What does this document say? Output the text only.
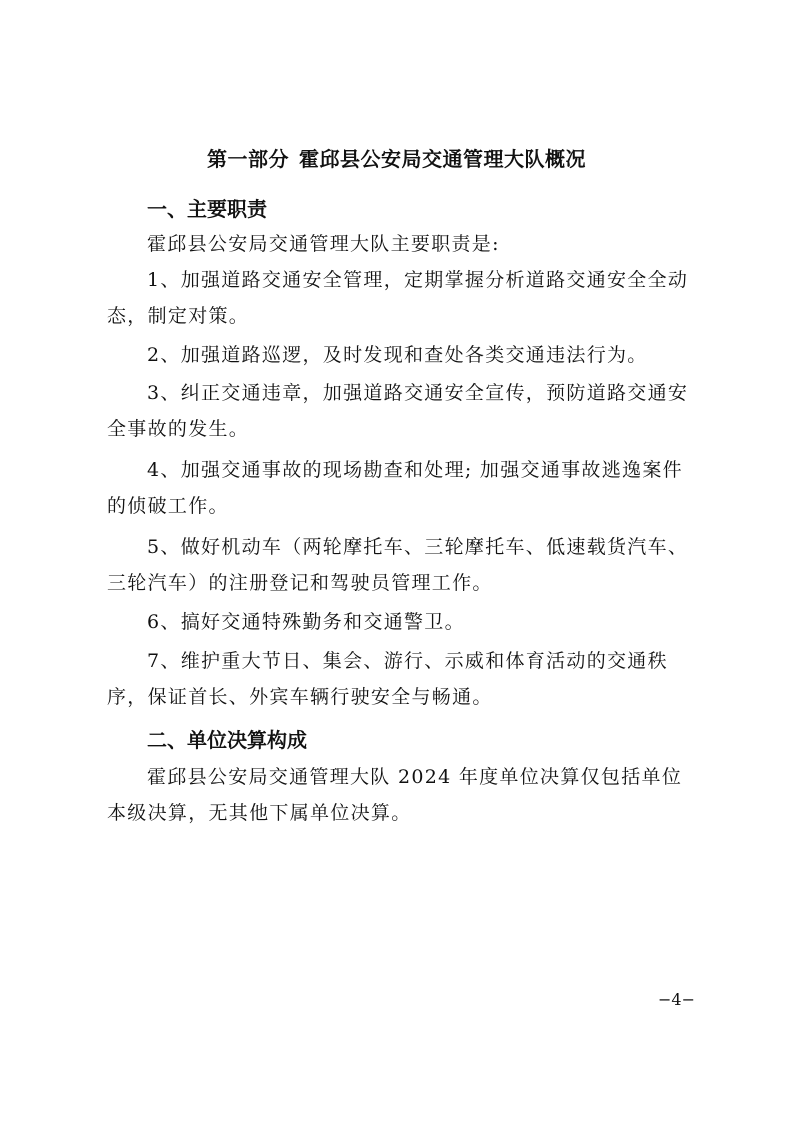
第一部分 霍邱县公安局交通管理大队概况
一、主要职责

霍邱县公安局交通管理大队主要职责是:

1、加强道路交通安全管理，定期掌握分析道路交通安全全动态，制定对策。

2、加强道路巡逻，及时发现和查处各类交通违法行为。

3、纠正交通违章，加强道路交通安全宣传，预防道路交通安全事故的发生。

4、加强交通事故的现场勘查和处理; 加强交通事故逃逸案件的侦破工作。

5、做好机动车（两轮摩托车、三轮摩托车、低速载货汽车、三轮汽车）的注册登记和驾驶员管理工作。

6、搞好交通特殊勤务和交通警卫。

7、维护重大节日、集会、游行、示威和体育活动的交通秩序，保证首长、外宾车辆行驶安全与畅通。

二、单位决算构成

霍邱县公安局交通管理大队 2024 年度单位决算仅包括单位本级决算，无其他下属单位决算。

−4−
